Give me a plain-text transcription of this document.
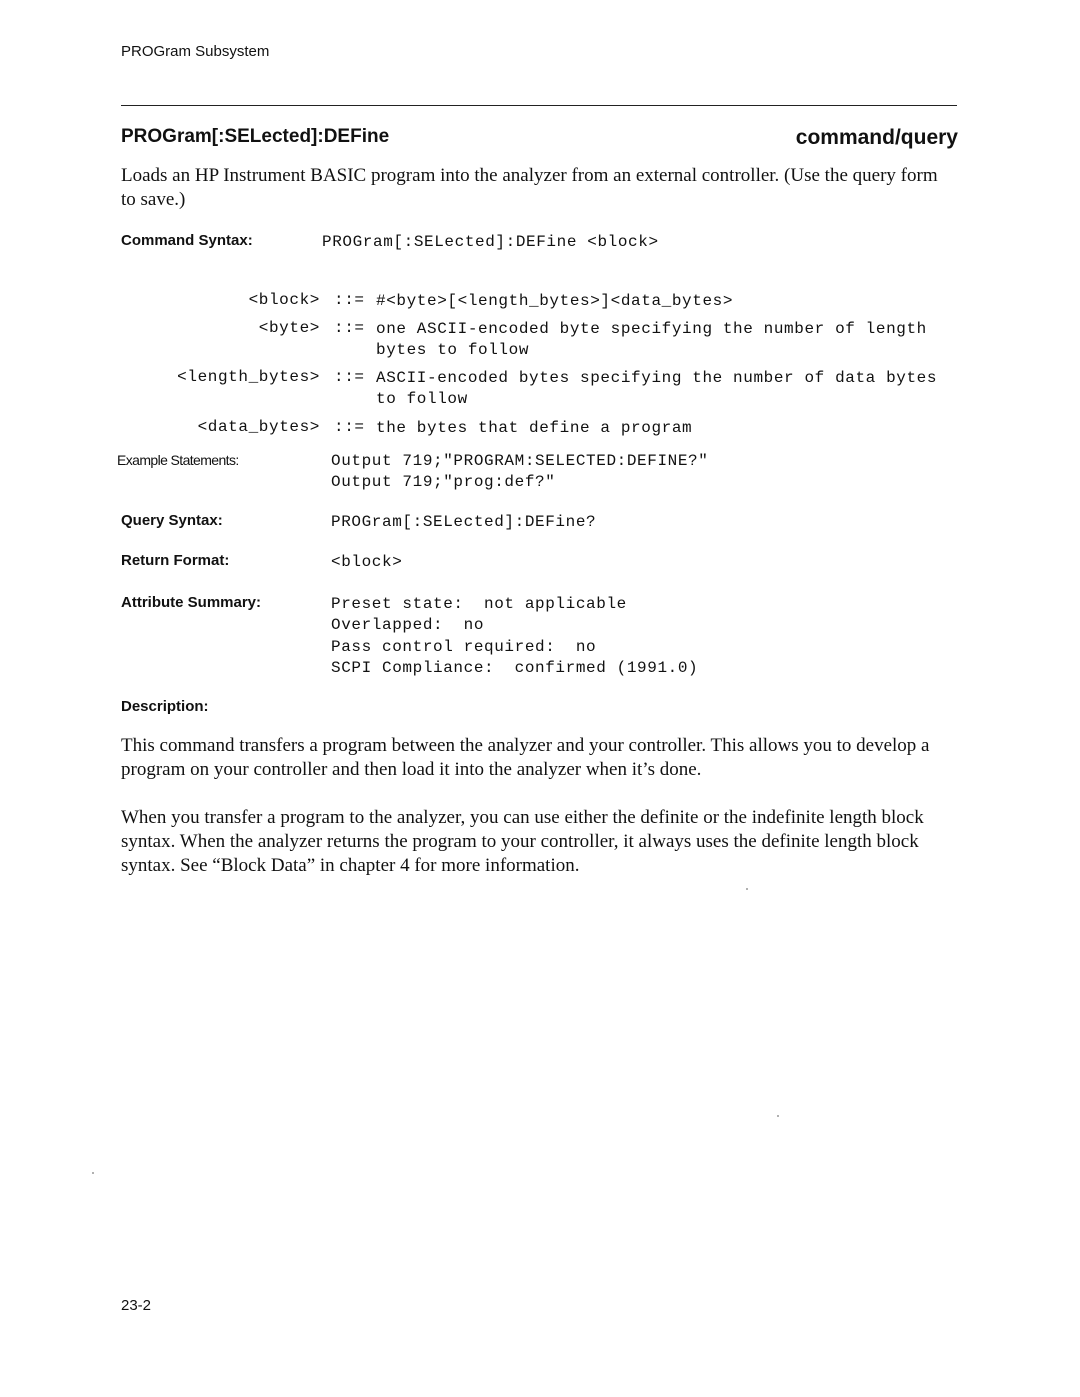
PROGram Subsystem
PROGram[:SELected]:DEFine	command/query
Loads an HP Instrument BASIC program into the analyzer from an external controller. (Use the query form to save.)
Command Syntax:	PROGram[:SELected]:DEFine <block>
<block> ::= #<byte>[<length_bytes>]<data_bytes>
<byte> ::= one ASCII-encoded byte specifying the number of length bytes to follow
<length_bytes> ::= ASCII-encoded bytes specifying the number of data bytes to follow
<data_bytes> ::= the bytes that define a program
Example Statements:	Output 719;"PROGRAM:SELECTED:DEFINE?"
Output 719;"prog:def?"
Query Syntax:	PROGram[:SELected]:DEFine?
Return Format:	<block>
Attribute Summary:	Preset state:  not applicable
Overlapped:  no
Pass control required:  no
SCPI Compliance:  confirmed (1991.0)
Description:
This command transfers a program between the analyzer and your controller. This allows you to develop a program on your controller and then load it into the analyzer when it’s done.
When you transfer a program to the analyzer, you can use either the definite or the indefinite length block syntax. When the analyzer returns the program to your controller, it always uses the definite length block syntax. See “Block Data” in chapter 4 for more information.
23-2
